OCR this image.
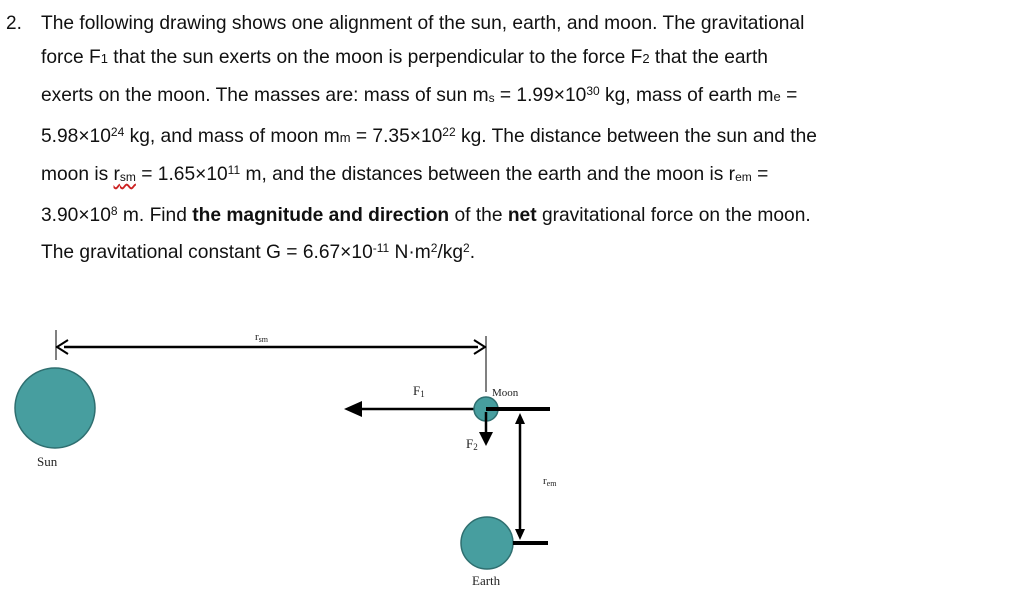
2. The following drawing shows one alignment of the sun, earth, and moon. The gravitational
force F1 that the sun exerts on the moon is perpendicular to the force F2 that the earth
exerts on the moon. The masses are: mass of sun $m_s = 1.99\times 10^{30}$ kg, mass of earth me =
$5.98\times 10^{24}$ kg, and mass of moon mm = $7.35\times 10^{22}$ kg. The distance between the sun and the
moon is $r_{sm} = 1.65\times 10^{11}$ m, and the distances between the earth and the moon is $r_{em}$ =
$3.90\times 10^8$ m. Find the magnitude and direction of the net gravitational force on the moon.
The gravitational constant $G = 6.67\times 10^{-11}$ $N\cdot m^2/kg^2$.
rsm
Sun
F1	Moon
F2
rem
Earth
